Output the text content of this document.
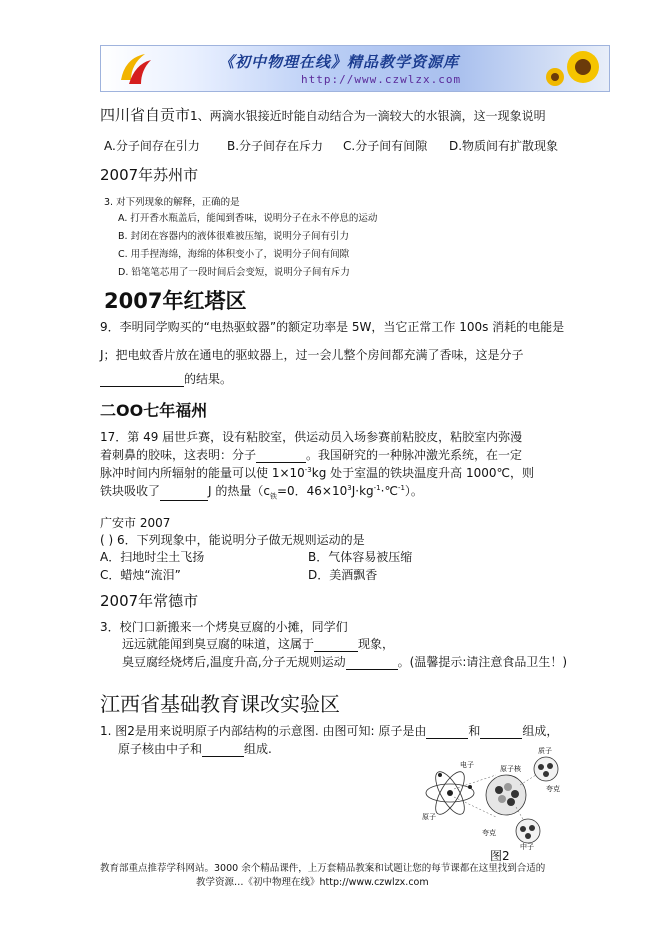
《初中物理在线》精品教学资源库
http://www.czwlzx.com
四川省自贡市1、两滴水银接近时能自动结合为一滴较大的水银滴，这一现象说明
A.分子间存在引力 B.分子间存在斥力 C.分子间有间隙 D.物质间有扩散现象
2007年苏州市
3. 对下列现象的解释，正确的是
A. 打开香水瓶盖后，能闻到香味，说明分子在永不停息的运动
B. 封闭在容器内的液体很难被压缩，说明分子间有引力
C. 用手捏海绵，海绵的体积变小了，说明分子间有间隙
D. 铅笔笔芯用了一段时间后会变短，说明分子间有斥力
2007年红塔区
9．李明同学购买的“电热驱蚊器”的额定功率是 5W，当它正常工作 100s 消耗的电能是
J；把电蚊香片放在通电的驱蚊器上，过一会儿整个房间都充满了香味，这是分子
的结果。
二OO七年福州
17．第 49 届世乒赛，设有粘胶室，供运动员入场参赛前粘胶皮，粘胶室内弥漫
着刺鼻的胶味，这表明：分子	。我国研究的一种脉冲激光系统，在一定
脉冲时间内所辐射的能量可以使 $1\times 10^{-3}kg$ 处于室温的铁块温度升高 1000℃，则
铁块吸收了	J 的热量（$c_铁=0$．$46\times 10^3J\cdot kg^{-1}\cdot℃^{-1}$）。
广安市 2007
( ) 6．下列现象中，能说明分子做无规则运动的是
A．扫地时尘土飞扬	B．气体容易被压缩
C．蜡烛“流泪”	D．美酒飘香
2007年常德市
3．校门口新搬来一个烤臭豆腐的小摊，同学们
远远就能闻到臭豆腐的味道，这属于	现象，
臭豆腐经烧烤后,温度升高,分子无规则运动	。(温馨提示:请注意食品卫生！)
江西省基础教育课改实验区
1. 图2是用来说明原子内部结构的示意图. 由图可知: 原子是由	和	组成，
原子核由中子和	组成.
电子	原子核
原子
质子
夸克
夸克
中子
图2
教育部重点推荐学科网站。3000 余个精品课件，上万套精品教案和试题让您的每节课都在这里找到合适的
教学资源…《初中物理在线》http://www.czwlzx.com
